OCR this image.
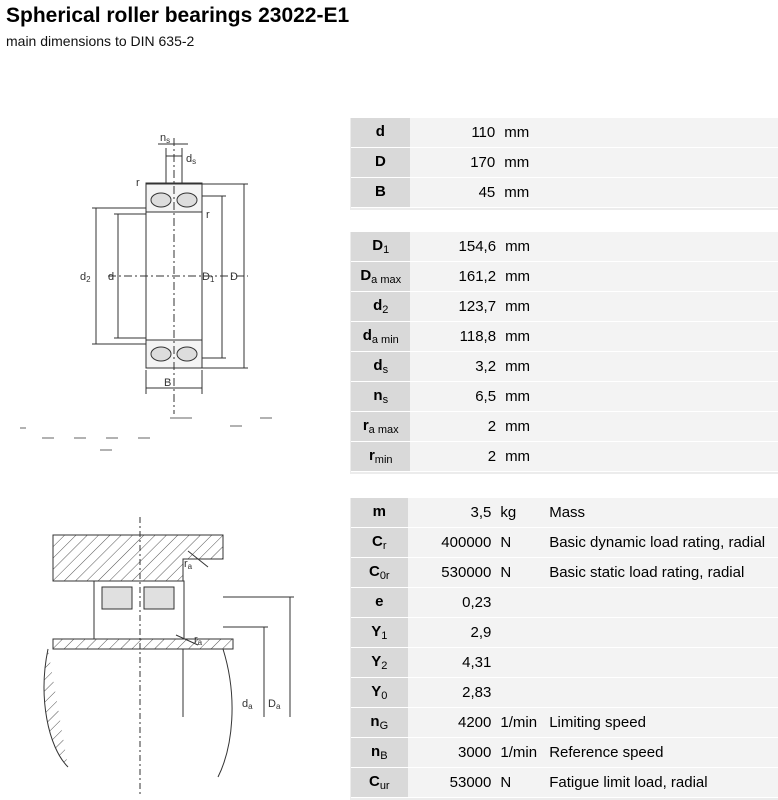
Spherical roller bearings 23022-E1
main dimensions to DIN 635-2
ns
ds
r
r
d2 d	D1 D
B
ra
ra
da Da
d	110	mm	
D	170	mm	
B	45	mm	
$D_1$	154,6	mm	
$D_{a max}$	161,2	mm	
$d_2$	123,7	mm	
$d_{a min}$	118,8	mm	
$d_s$	3,2	mm	
$n_s$	6,5	mm	
$r_{a max}$	2	mm	
$r_{min}$	2	mm	
m	3,5	kg	Mass
$C_r$	400000	N	Basic dynamic load rating, radial
$C_{0r}$	530000	N	Basic static load rating, radial
e	0,23		
$Y_1$	2,9		
$Y_2$	4,31		
$Y_0$	2,83		
$n_G$	4200	1/min	Limiting speed
$n_B$	3000	1/min	Reference speed
$C_{ur}$	53000	N	Fatigue limit load, radial
